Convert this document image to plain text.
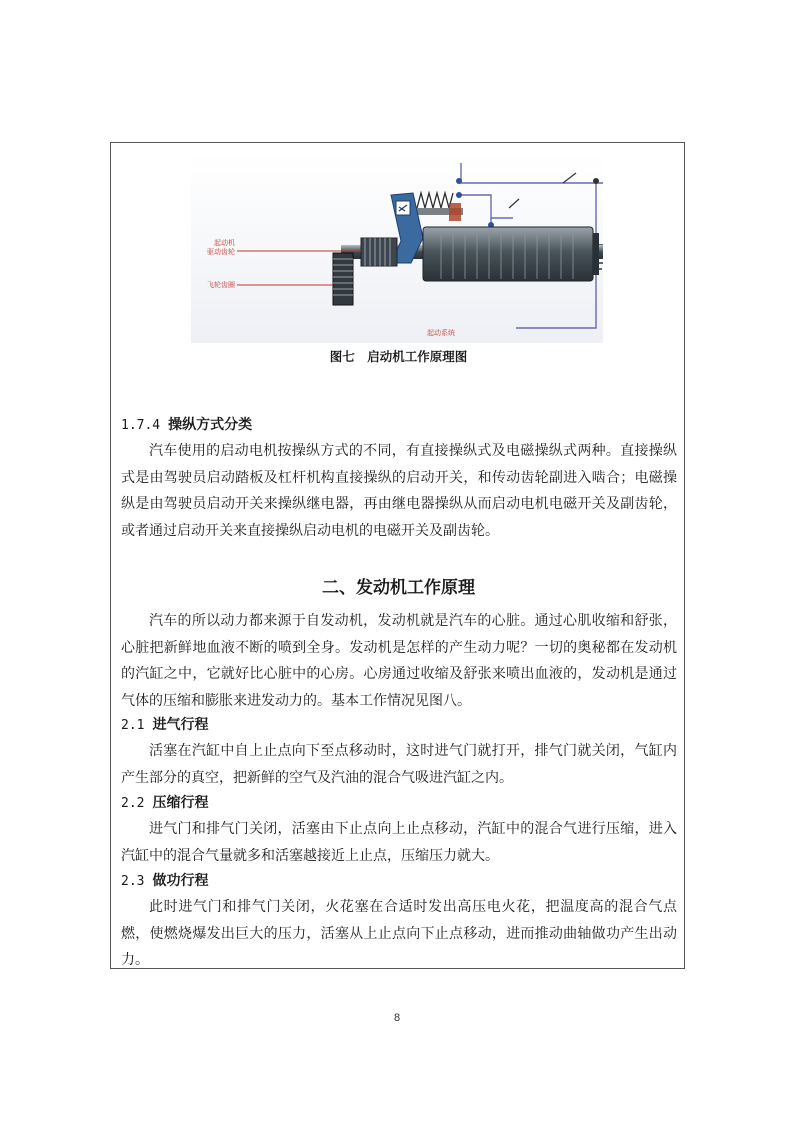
起动机驱动齿轮
飞轮齿圈
起动系统
图七　启动机工作原理图
1.7.4 操纵方式分类

汽车使用的启动电机按操纵方式的不同，有直接操纵式及电磁操纵式两种。直接操纵式是由驾驶员启动踏板及杠杆机构直接操纵的启动开关，和传动齿轮副进入啮合；电磁操纵是由驾驶员启动开关来操纵继电器，再由继电器操纵从而启动电机电磁开关及副齿轮，或者通过启动开关来直接操纵启动电机的电磁开关及副齿轮。

二、发动机工作原理

汽车的所以动力都来源于自发动机，发动机就是汽车的心脏。通过心肌收缩和舒张，心脏把新鲜地血液不断的喷到全身。发动机是怎样的产生动力呢？一切的奥秘都在发动机的汽缸之中，它就好比心脏中的心房。心房通过收缩及舒张来喷出血液的，发动机是通过气体的压缩和膨胀来进发动力的。基本工作情况见图八。

2.1 进气行程

活塞在汽缸中自上止点向下至点移动时，这时进气门就打开，排气门就关闭，气缸内产生部分的真空，把新鲜的空气及汽油的混合气吸进汽缸之内。

2.2 压缩行程

进气门和排气门关闭，活塞由下止点向上止点移动，汽缸中的混合气进行压缩，进入汽缸中的混合气量就多和活塞越接近上止点，压缩压力就大。

2.3 做功行程

此时进气门和排气门关闭，火花塞在合适时发出高压电火花，把温度高的混合气点燃，使燃烧爆发出巨大的压力，活塞从上止点向下止点移动，进而推动曲轴做功产生出动力。

8
